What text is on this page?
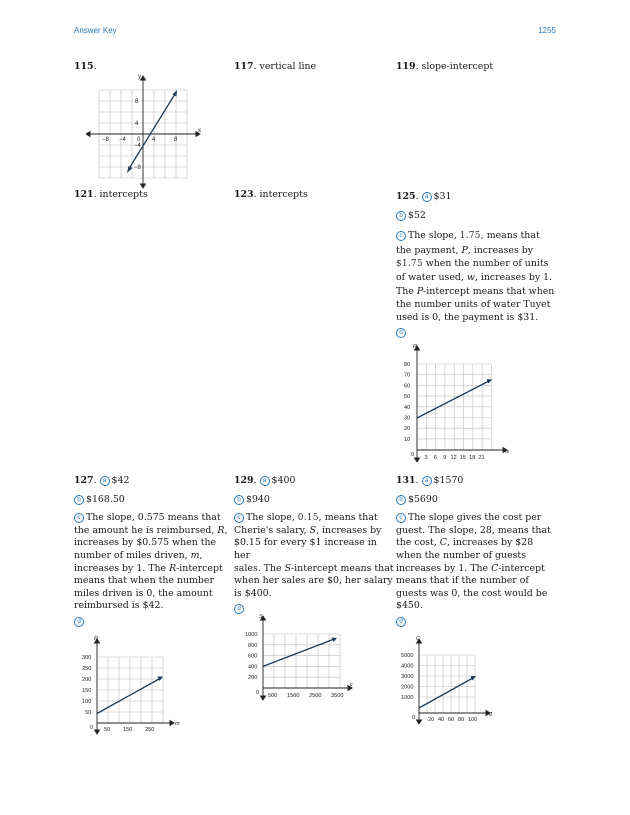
Answer Key	1255
115.
x
y
0
−8 −4	4	8
8
4
−4
−8
117. vertical line	119. slope-intercept
121. intercepts	123. intercepts	125. a $31
b $52
c The slope, 1.75, means that
the payment, P, increases by
$1.75 when the number of units
of water used, w, increases by 1.
The P-intercept means that when
the number units of water Tuyet
used is 0, the payment is $31.
d
w
P
0 3 6 9 12 15 18 21
80
70
60
50
40
30
20
10
127. a $42
b $168.50
c The slope, 0.575 means that
the amount he is reimbursed, R,
increases by $0.575 when the
number of miles driven, m,
increases by 1. The R-intercept
means that when the number
miles driven is 0, the amount
reimbursed is $42.
d
m
R
0 50 150 250
300
250
200
150
100
50
129. a $400
b $940
c The slope, 0.15, means that
Cherie's salary, S, increases by
$0.15 for every $1 increase in her
sales. The S-intercept means that
when her sales are $0, her salary
is $400.
d
c
S
0 500 1500 2500 3500
1000
800
600
400
200
131. a $1570
b $5690
c The slope gives the cost per
guest. The slope, 28, means that
the cost, C, increases by $28
when the number of guests
increases by 1. The C-intercept
means that if the number of
guests was 0, the cost would be
$450.
d
g
C
0 20 40 60 80 100
5000
4000
3000
2000
1000
